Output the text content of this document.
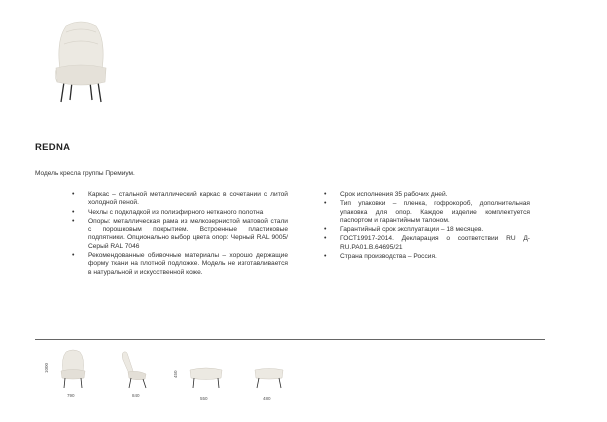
REDNA
Модель кресла группы Премиум.
• Каркас – стальной металлический каркас в сочетании с литой холодной пеной.
• Чехлы с подкладкой из полиэфирного нетканого полотна
• Опоры: металлическая рама из мелкозернистой матовой стали с порошковым покрытием. Встроенные пластиковые подпятники. Опционально выбор цвета опор: Черный RAL 9005/ Серый RAL 7046
• Рекомендованные обивочные материалы – хорошо держащие форму ткани на плотной подложке. Модель не изготавливается в натуральной и искусственной коже.
• Срок исполнения 35 рабочих дней.
• Тип упаковки – пленка, гофрокороб, дополнительная упаковка для опор. Каждое изделие комплектуется паспортом и гарантийным талоном.
• Гарантийный срок эксплуатации – 18 месяцев.
• ГОСТ19917-2014. Декларация о соответствии RU Д-RU.PA01.B.64695/21
• Страна производства – Россия.
1000
790	840
450
550	480
